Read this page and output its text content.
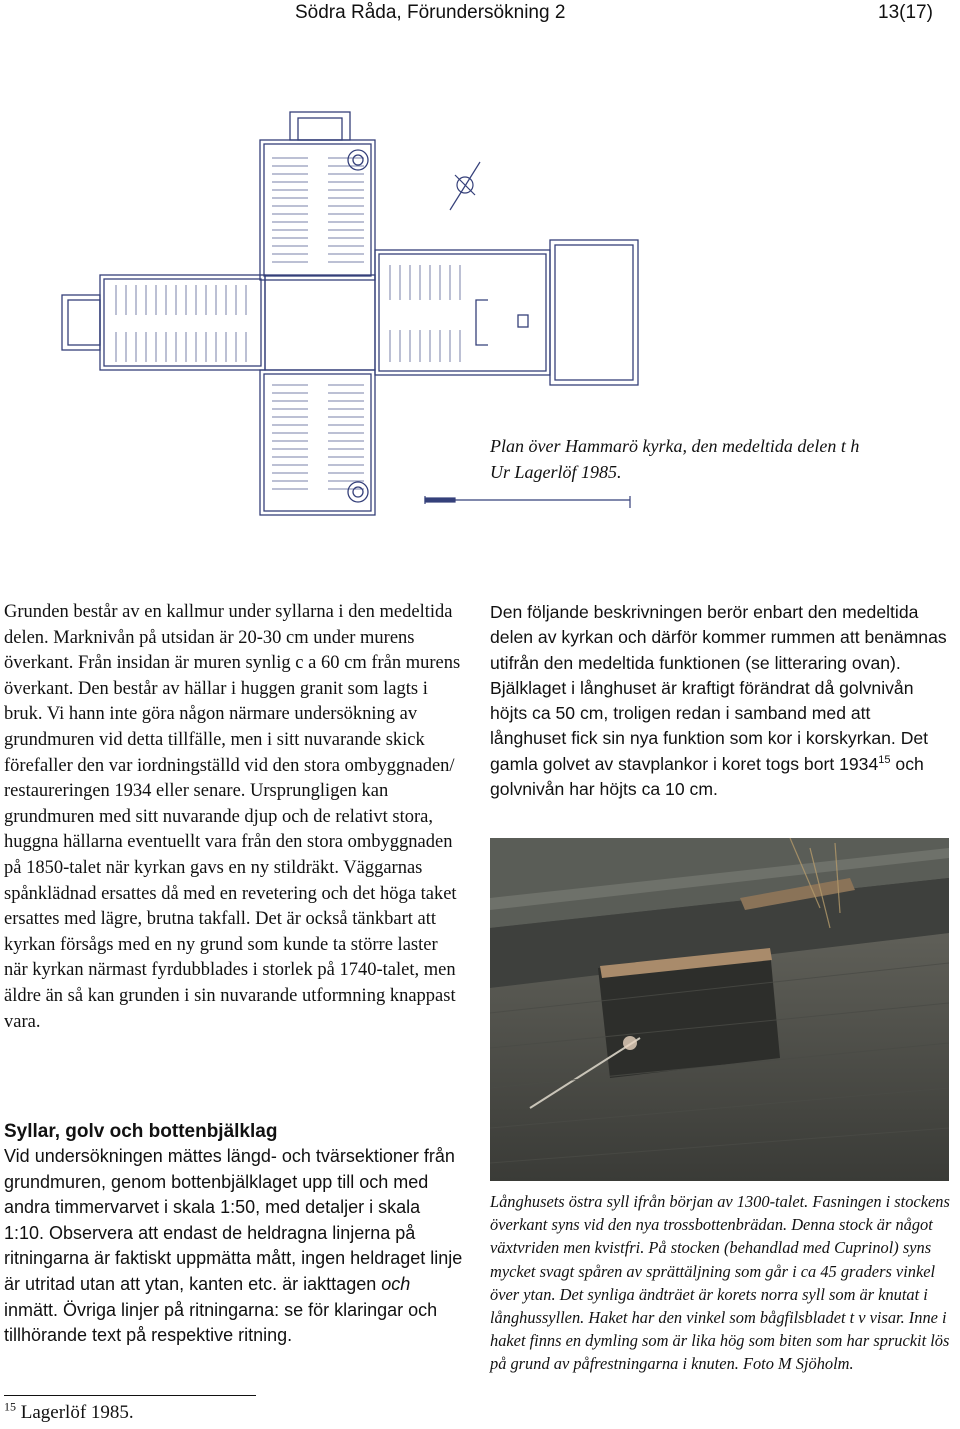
Södra Råda, Förundersökning 2	13(17)
Plan över Hammarö kyrka, den medeltida delen t h
Ur Lagerlöf 1985.
Grunden består av en kallmur under syllarna i den medeltida delen. Marknivån på utsidan är 20-30 cm under murens överkant. Från insidan är muren synlig c a 60 cm från murens överkant. Den består av hällar i huggen granit som lagts i bruk. Vi hann inte göra någon närmare undersökning av grundmuren vid detta tillfälle, men i sitt nuvarande skick förefaller den var iordningställd vid den stora ombyggnaden/ restaureringen 1934 eller senare. Ursprungligen kan grundmuren med sitt nuvarande djup och de relativt stora, huggna hällarna eventuellt vara från den stora ombyggnaden på 1850-talet när kyrkan gavs en ny stildräkt. Väggarnas spånklädnad ersattes då med en revetering och det höga taket ersattes med lägre, brutna takfall. Det är också tänkbart att kyrkan försågs med en ny grund som kunde ta större laster när kyrkan närmast fyrdubblades i storlek på 1740-talet, men äldre än så kan grunden i sin nuvarande utformning knappast vara.
Den följande beskrivningen berör enbart den medeltida delen av kyrkan och därför kommer rummen att benämnas utifrån den medeltida funktionen (se litteraring ovan). Bjälklaget i långhuset är kraftigt förändrat då golvnivån höjts ca 50 cm, troligen redan i samband med att långhuset fick sin nya funktion som kor i korskyrkan. Det gamla golvet av stavplankor i koret togs bort 1934$^{15}$ och golvnivån har höjts ca 10 cm.
Långhusets östra syll ifrån början av 1300-talet. Fasningen i stockens överkant syns vid den nya trossbottenbrädan. Denna stock är något växtvriden men kvistfri. På stocken (behandlad med Cuprinol) syns mycket svagt spåren av sprättäljning som går i ca 45 graders vinkel över ytan. Det synliga ändträet är korets norra syll som är knutat i långhussyllen. Haket har den vinkel som bågfilsbladet t v visar. Inne i haket finns en dymling som är lika hög som biten som har spruckit lös på grund av påfrestningarna i knuten. Foto M Sjöholm.
Syllar, golv och bottenbjälklag
Vid undersökningen mättes längd- och tvärsektioner från grundmuren, genom bottenbjälklaget upp till och med andra timmervarvet i skala 1:50, med detaljer i skala 1:10. Observera att endast de heldragna linjerna på ritningarna är faktiskt uppmätta mått, ingen heldraget linje är utritad utan att ytan, kanten etc. är iakttagen och inmätt. Övriga linjer på ritningarna: se för klaringar och tillhörande text på respektive ritning.
$^{15}$ Lagerlöf 1985.
